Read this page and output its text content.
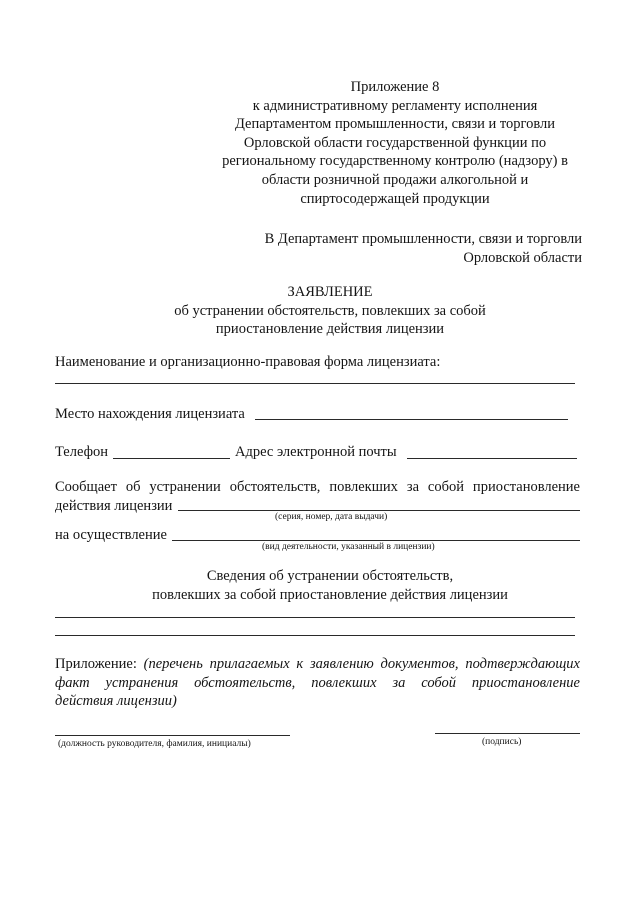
Приложение 8
к административному регламенту исполнения
Департаментом промышленности, связи и торговли
Орловской области государственной функции по
региональному государственному контролю (надзору) в
области розничной продажи алкогольной и
спиртосодержащей продукции
В Департамент промышленности, связи и торговли
Орловской области
ЗАЯВЛЕНИЕ
об устранении обстоятельств, повлекших за собой
приостановление действия лицензии
Наименование и организационно-правовая форма лицензиата:
Место нахождения лицензиата
Телефон	Адрес электронной почты
Сообщает об устранении обстоятельств, повлекших за собой приостановление
действия лицензии
(серия, номер, дата выдачи)
на осуществление
(вид деятельности, указанный в лицензии)
Сведения об устранении обстоятельств,
повлекших за собой приостановление действия лицензии
Приложение: (перечень прилагаемых к заявлению документов, подтверждающих
факт устранения обстоятельств, повлекших за собой приостановление
действия лицензии)
(должность руководителя, фамилия, инициалы)	(подпись)
